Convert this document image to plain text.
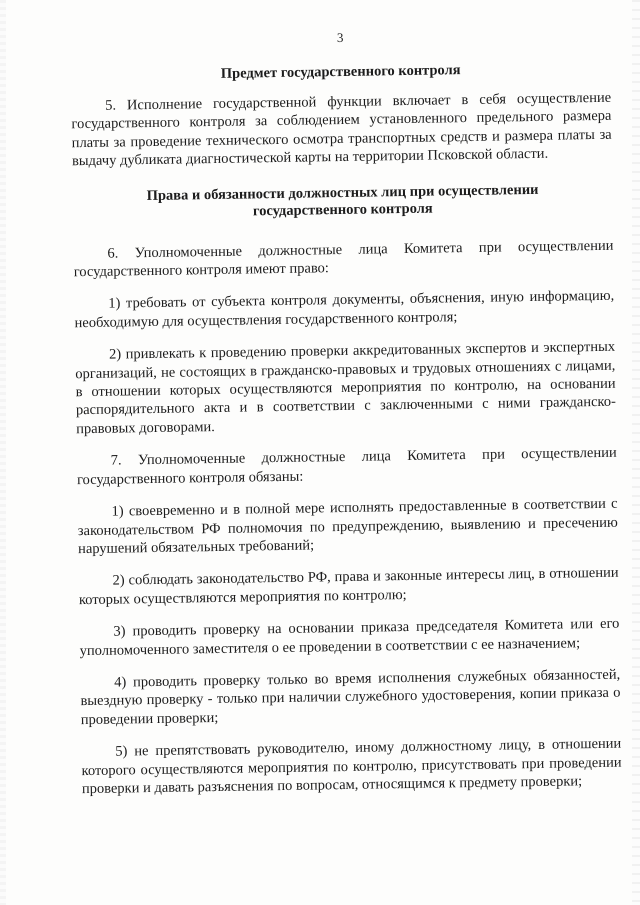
3
Предмет государственного контроля

5. Исполнение государственной функции включает в себя осуществление государственного контроля за соблюдением установленного предельного размера платы за проведение технического осмотра транспортных средств и размера платы за выдачу дубликата диагностической карты на территории Псковской области.

Права и обязанности должностных лиц при осуществлении
государственного контроля

6. Уполномоченные должностные лица Комитета при осуществлении государственного контроля имеют право:

1) требовать от субъекта контроля документы, объяснения, иную информацию, необходимую для осуществления государственного контроля;

2) привлекать к проведению проверки аккредитованных экспертов и экспертных организаций, не состоящих в гражданско-правовых и трудовых отношениях с лицами, в отношении которых осуществляются мероприятия по контролю, на основании распорядительного акта и в соответствии с заключенными с ними гражданско-правовых договорами.

7. Уполномоченные должностные лица Комитета при осуществлении государственного контроля обязаны:

1) своевременно и в полной мере исполнять предоставленные в соответствии с законодательством РФ полномочия по предупреждению, выявлению и пресечению нарушений обязательных требований;

2) соблюдать законодательство РФ, права и законные интересы лиц, в отношении которых осуществляются мероприятия по контролю;

3) проводить проверку на основании приказа председателя Комитета или его уполномоченного заместителя о ее проведении в соответствии с ее назначением;

4) проводить проверку только во время исполнения служебных обязанностей, выездную проверку - только при наличии служебного удостоверения, копии приказа о проведении проверки;

5) не препятствовать руководителю, иному должностному лицу, в отношении которого осуществляются мероприятия по контролю, присутствовать при проведении проверки и давать разъяснения по вопросам, относящимся к предмету проверки;
